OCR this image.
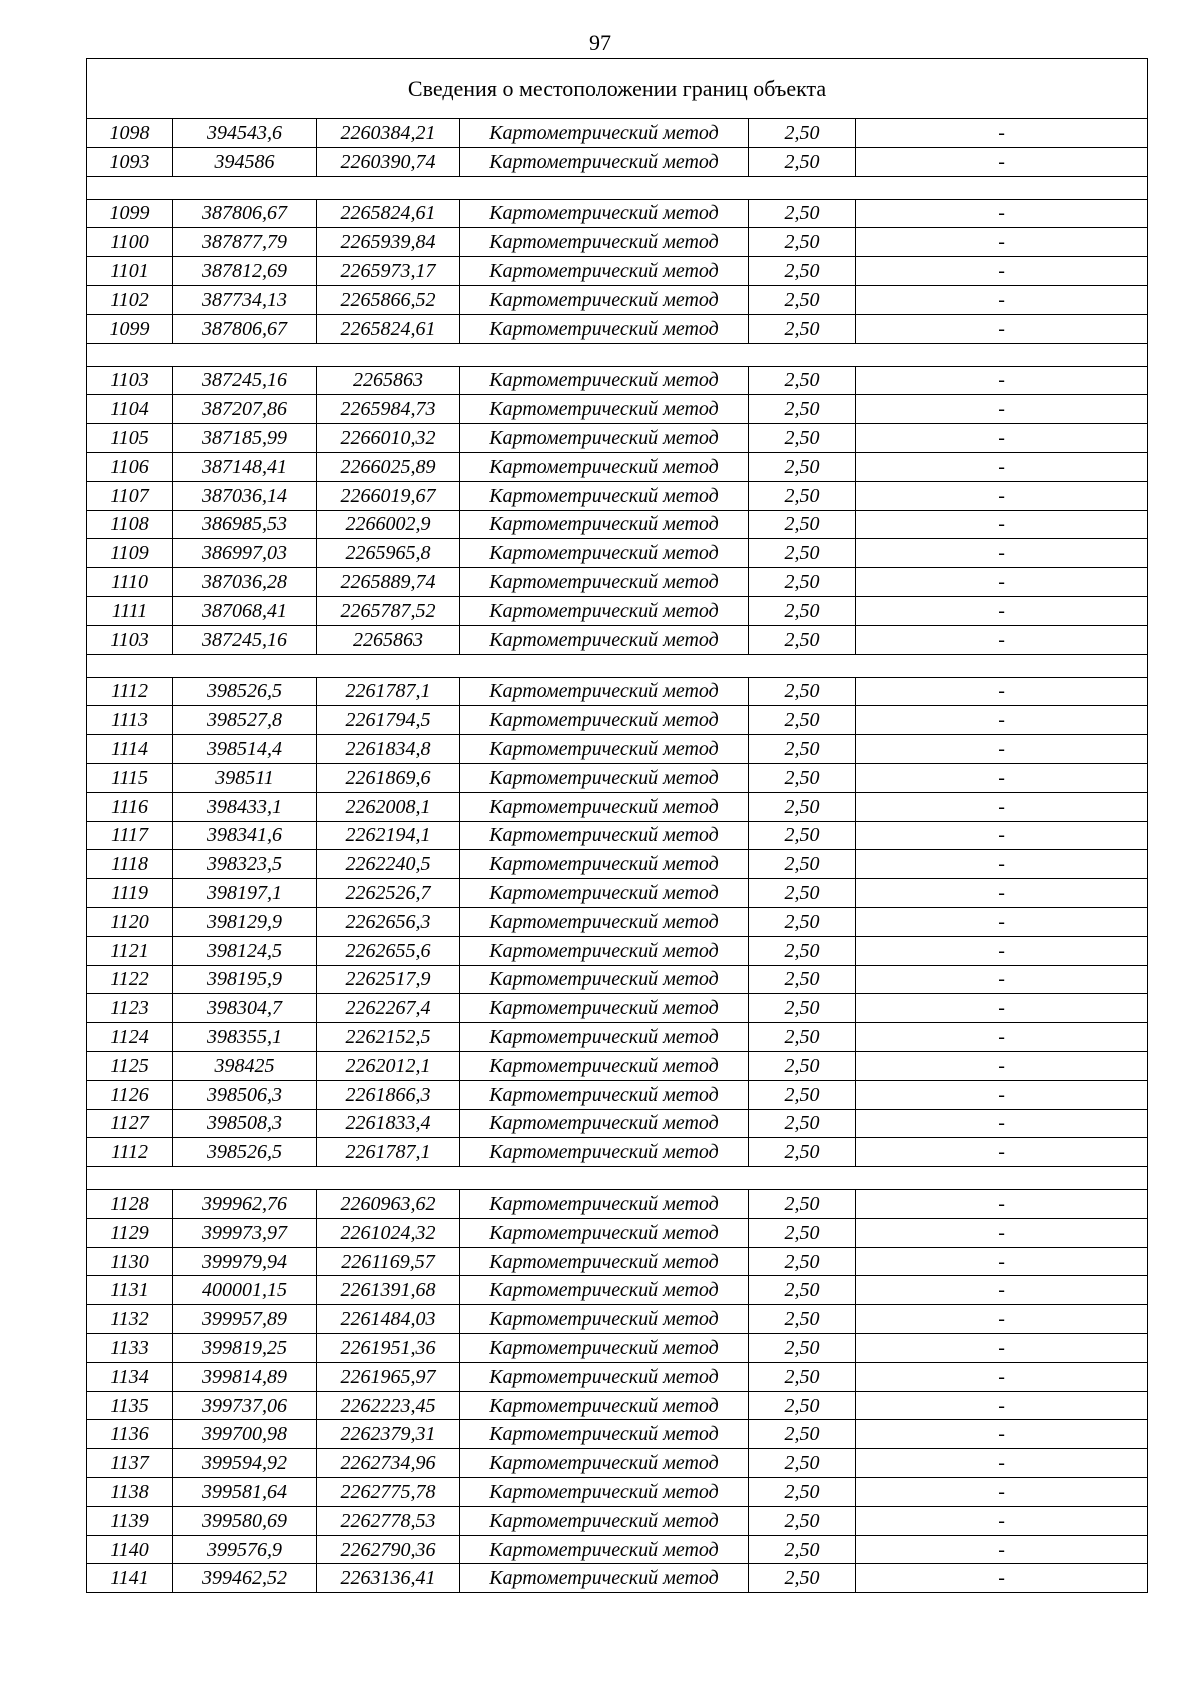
97
Сведения о местоположении границ объекта					
1098	394543,6	2260384,21	Картометрический метод	2,50	-
1093	394586	2260390,74	Картометрический метод	2,50	-

1099	387806,67	2265824,61	Картометрический метод	2,50	-
1100	387877,79	2265939,84	Картометрический метод	2,50	-
1101	387812,69	2265973,17	Картометрический метод	2,50	-
1102	387734,13	2265866,52	Картометрический метод	2,50	-
1099	387806,67	2265824,61	Картометрический метод	2,50	-

1103	387245,16	2265863	Картометрический метод	2,50	-
1104	387207,86	2265984,73	Картометрический метод	2,50	-
1105	387185,99	2266010,32	Картометрический метод	2,50	-
1106	387148,41	2266025,89	Картометрический метод	2,50	-
1107	387036,14	2266019,67	Картометрический метод	2,50	-
1108	386985,53	2266002,9	Картометрический метод	2,50	-
1109	386997,03	2265965,8	Картометрический метод	2,50	-
1110	387036,28	2265889,74	Картометрический метод	2,50	-
1111	387068,41	2265787,52	Картометрический метод	2,50	-
1103	387245,16	2265863	Картометрический метод	2,50	-

1112	398526,5	2261787,1	Картометрический метод	2,50	-
1113	398527,8	2261794,5	Картометрический метод	2,50	-
1114	398514,4	2261834,8	Картометрический метод	2,50	-
1115	398511	2261869,6	Картометрический метод	2,50	-
1116	398433,1	2262008,1	Картометрический метод	2,50	-
1117	398341,6	2262194,1	Картометрический метод	2,50	-
1118	398323,5	2262240,5	Картометрический метод	2,50	-
1119	398197,1	2262526,7	Картометрический метод	2,50	-
1120	398129,9	2262656,3	Картометрический метод	2,50	-
1121	398124,5	2262655,6	Картометрический метод	2,50	-
1122	398195,9	2262517,9	Картометрический метод	2,50	-
1123	398304,7	2262267,4	Картометрический метод	2,50	-
1124	398355,1	2262152,5	Картометрический метод	2,50	-
1125	398425	2262012,1	Картометрический метод	2,50	-
1126	398506,3	2261866,3	Картометрический метод	2,50	-
1127	398508,3	2261833,4	Картометрический метод	2,50	-
1112	398526,5	2261787,1	Картометрический метод	2,50	-

1128	399962,76	2260963,62	Картометрический метод	2,50	-
1129	399973,97	2261024,32	Картометрический метод	2,50	-
1130	399979,94	2261169,57	Картометрический метод	2,50	-
1131	400001,15	2261391,68	Картометрический метод	2,50	-
1132	399957,89	2261484,03	Картометрический метод	2,50	-
1133	399819,25	2261951,36	Картометрический метод	2,50	-
1134	399814,89	2261965,97	Картометрический метод	2,50	-
1135	399737,06	2262223,45	Картометрический метод	2,50	-
1136	399700,98	2262379,31	Картометрический метод	2,50	-
1137	399594,92	2262734,96	Картометрический метод	2,50	-
1138	399581,64	2262775,78	Картометрический метод	2,50	-
1139	399580,69	2262778,53	Картометрический метод	2,50	-
1140	399576,9	2262790,36	Картометрический метод	2,50	-
1141	399462,52	2263136,41	Картометрический метод	2,50	-
